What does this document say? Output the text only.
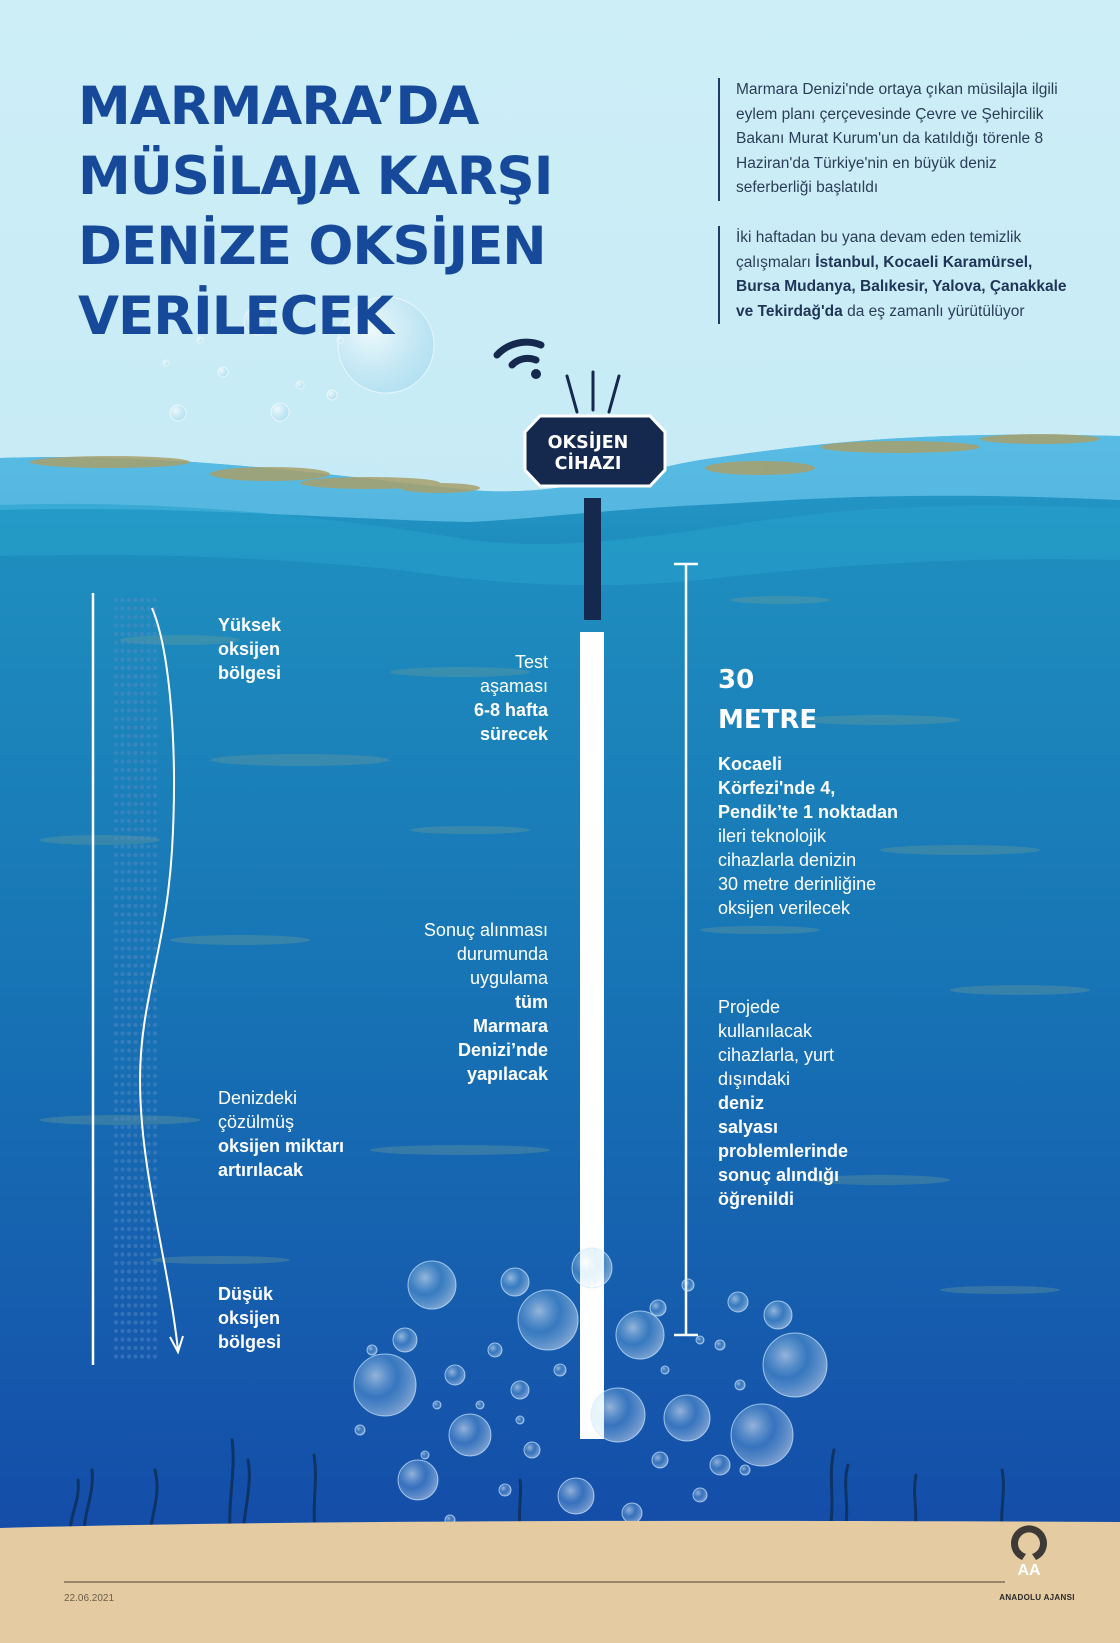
AA
MARMARA’DA
MÜSİLAJA KARŞI
DENİZE OKSİJEN
VERİLECEK
Marmara Denizi'nde ortaya çıkan müsilajla ilgili eylem planı çerçevesinde Çevre ve Şehircilik Bakanı Murat Kurum'un da katıldığı törenle 8 Haziran'da Türkiye'nin en büyük deniz seferberliği başlatıldı
İki haftadan bu yana devam eden temizlik çalışmaları İstanbul, Kocaeli Karamürsel, Bursa Mudanya, Balıkesir, Yalova, Çanakkale ve Tekirdağ'da da eş zamanlı yürütülüyor
OKSİJEN
CİHAZI
Yüksek
oksijen
bölgesi
Denizdeki
çözülmüş
oksijen miktarı
artırılacak
Düşük
oksijen
bölgesi
Test
aşaması
6-8 hafta
sürecek
Sonuç alınması
durumunda
uygulama
tüm
Marmara
Denizi’nde
yapılacak
30
METRE
Kocaeli
Körfezi'nde 4,
Pendik’te 1 noktadan
ileri teknolojik
cihazlarla denizin
30 metre derinliğine
oksijen verilecek
Projede
kullanılacak
cihazlarla, yurt
dışındaki
deniz
salyası
problemlerinde
sonuç alındığı
öğrenildi
22.06.2021	ANADOLU AJANSI
